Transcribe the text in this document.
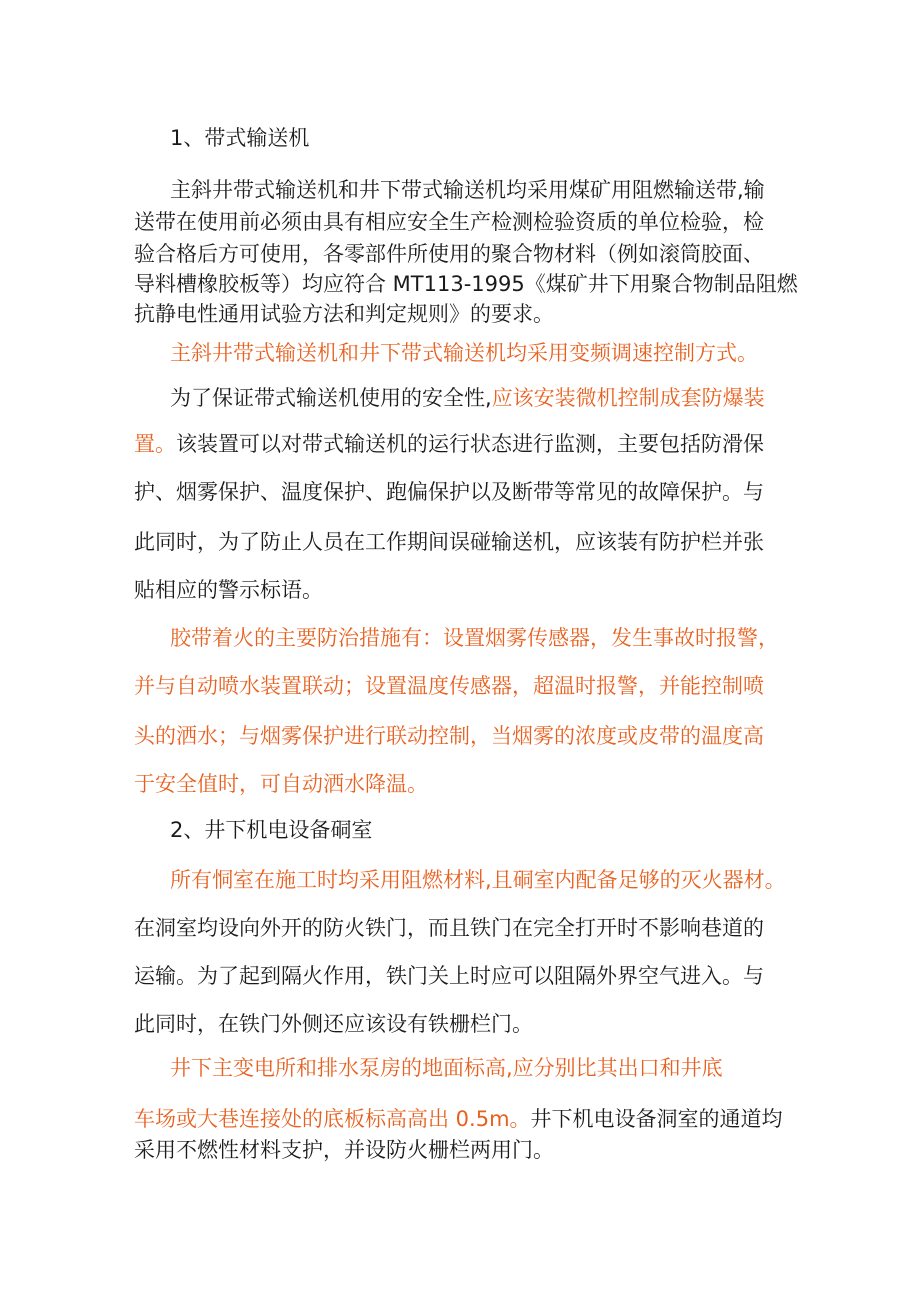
1、带式输送机
主斜井带式输送机和井下带式输送机均采用煤矿用阻燃输送带,输
送带在使用前必须由具有相应安全生产检测检验资质的单位检验，检
验合格后方可使用，各零部件所使用的聚合物材料（例如滚筒胶面、
导料槽橡胶板等）均应符合 MT113-1995《煤矿井下用聚合物制品阻燃
抗静电性通用试验方法和判定规则》的要求。
主斜井带式输送机和井下带式输送机均采用变频调速控制方式。
为了保证带式输送机使用的安全性,应该安装微机控制成套防爆装
置。该装置可以对带式输送机的运行状态进行监测，主要包括防滑保
护、烟雾保护、温度保护、跑偏保护以及断带等常见的故障保护。与
此同时，为了防止人员在工作期间误碰输送机，应该装有防护栏并张
贴相应的警示标语。
胶带着火的主要防治措施有：设置烟雾传感器，发生事故时报警，
并与自动喷水装置联动；设置温度传感器，超温时报警，并能控制喷
头的洒水；与烟雾保护进行联动控制，当烟雾的浓度或皮带的温度高
于安全值时，可自动洒水降温。
2、井下机电设备硐室
所有恫室在施工时均采用阻燃材料,且硐室内配备足够的灭火器材。
在洞室均设向外开的防火铁门，而且铁门在完全打开时不影响巷道的
运输。为了起到隔火作用，铁门关上时应可以阻隔外界空气进入。与
此同时，在铁门外侧还应该设有铁栅栏门。
井下主变电所和排水泵房的地面标高,应分别比其出口和井底
车场或大巷连接处的底板标高高出 0.5m。井下机电设备洞室的通道均
采用不燃性材料支护，并设防火栅栏两用门。
